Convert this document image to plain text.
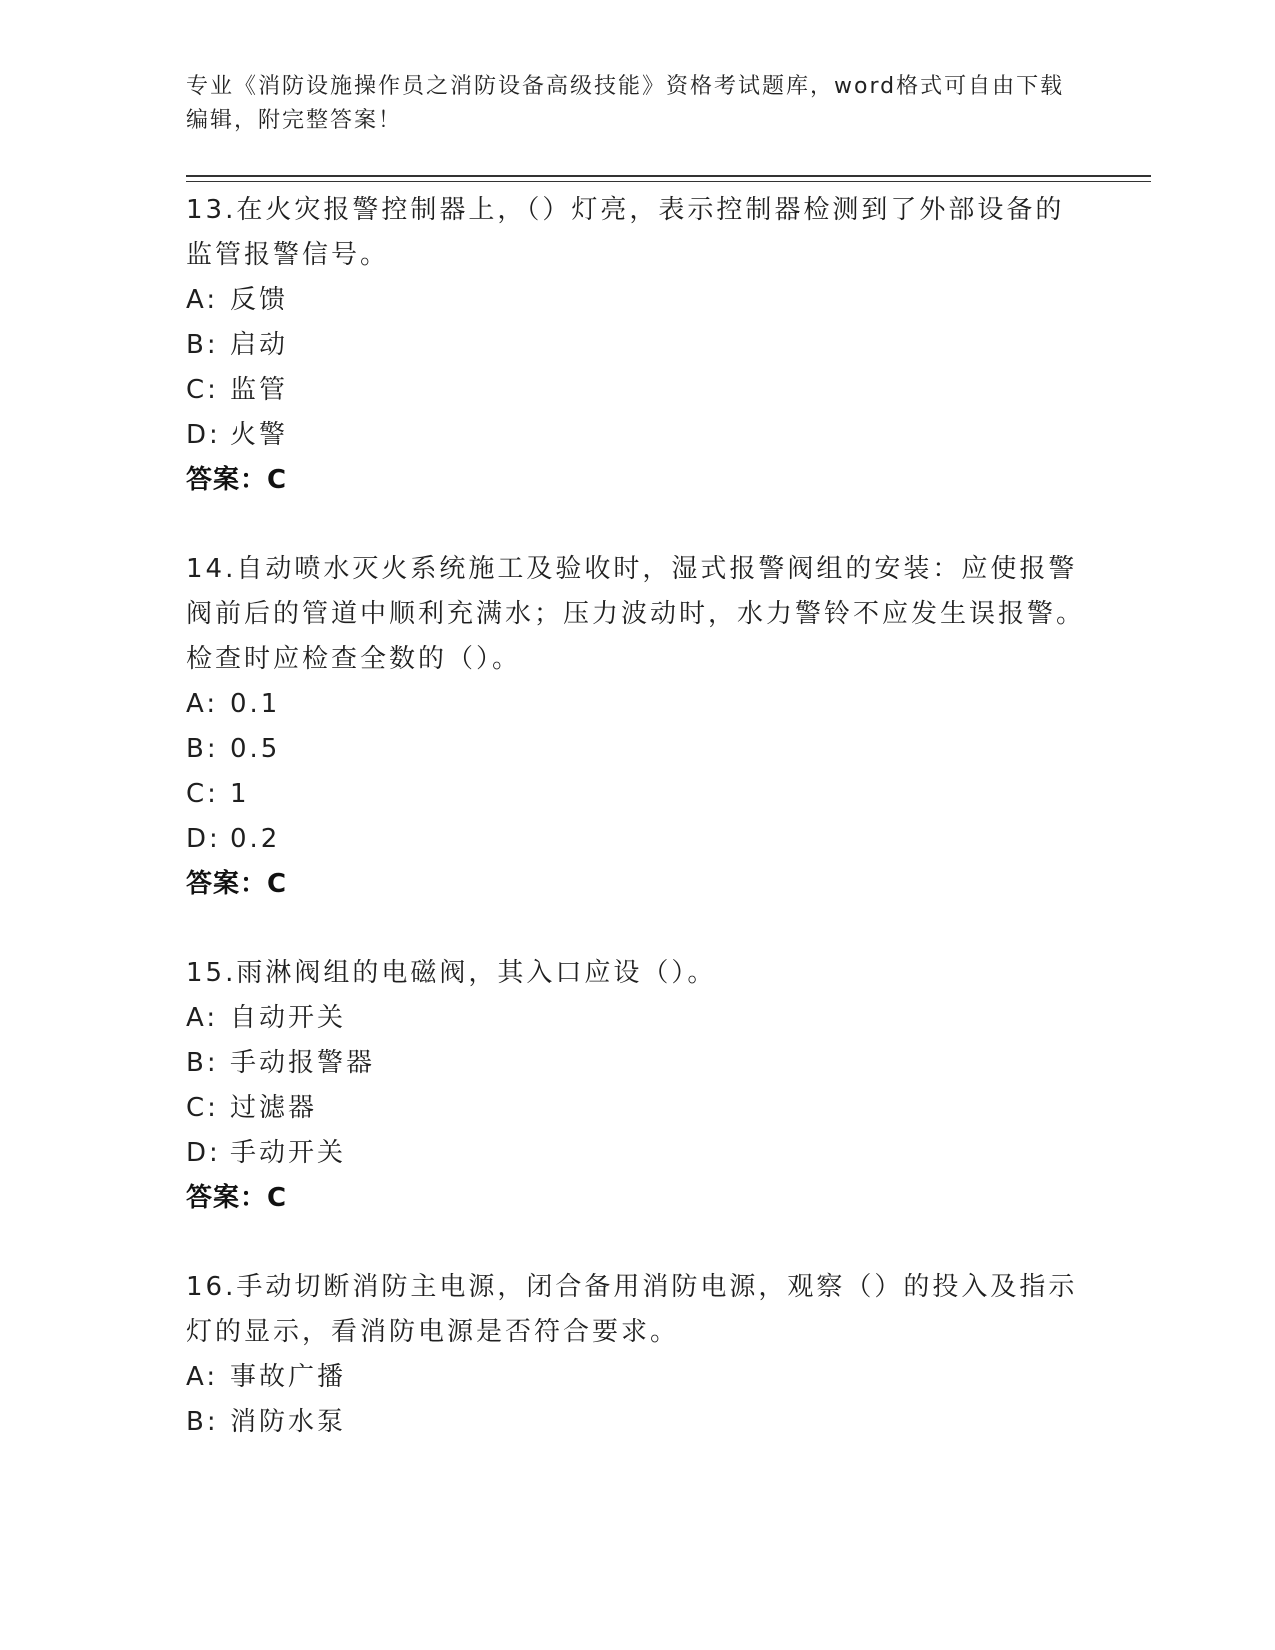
专业《消防设施操作员之消防设备高级技能》资格考试题库，word格式可自由下载编辑，附完整答案！
13.在火灾报警控制器上，（）灯亮，表示控制器检测到了外部设备的监管报警信号。
A: 反馈
B: 启动
C: 监管
D: 火警
答案：C
14.自动喷水灭火系统施工及验收时，湿式报警阀组的安装：应使报警阀前后的管道中顺利充满水；压力波动时，水力警铃不应发生误报警。检查时应检查全数的（）。
A: 0.1
B: 0.5
C: 1
D: 0.2
答案：C
15.雨淋阀组的电磁阀，其入口应设（）。
A: 自动开关
B: 手动报警器
C: 过滤器
D: 手动开关
答案：C
16.手动切断消防主电源，闭合备用消防电源，观察（）的投入及指示灯的显示，看消防电源是否符合要求。
A: 事故广播
B: 消防水泵
